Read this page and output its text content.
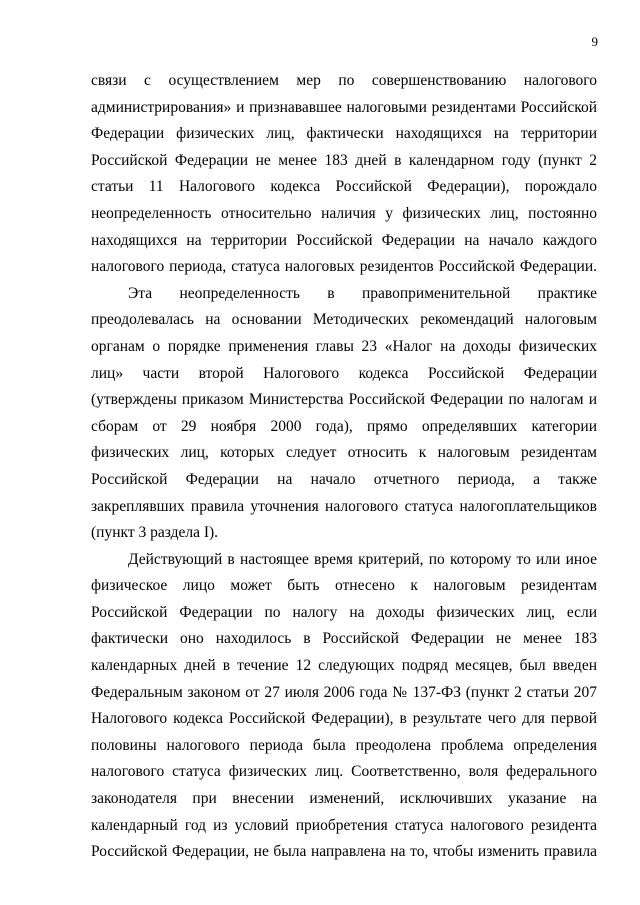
9
связи с осуществлением мер по совершенствованию налогового
администрирования» и признававшее налоговыми резидентами Российской
Федерации физических лиц, фактически находящихся на территории
Российской Федерации не менее 183 дней в календарном году (пункт 2
статьи 11 Налогового кодекса Российской Федерации), порождало
неопределенность относительно наличия у физических лиц, постоянно
находящихся на территории Российской Федерации на начало каждого
налогового периода, статуса налоговых резидентов Российской Федерации.
Эта неопределенность в правоприменительной практике
преодолевалась на основании Методических рекомендаций налоговым
органам о порядке применения главы 23 «Налог на доходы физических
лиц» части второй Налогового кодекса Российской Федерации
(утверждены приказом Министерства Российской Федерации по налогам и
сборам от 29 ноября 2000 года), прямо определявших категории
физических лиц, которых следует относить к налоговым резидентам
Российской Федерации на начало отчетного периода, а также
закреплявших правила уточнения налогового статуса налогоплательщиков
(пункт 3 раздела I).
Действующий в настоящее время критерий, по которому то или иное
физическое лицо может быть отнесено к налоговым резидентам
Российской Федерации по налогу на доходы физических лиц, если
фактически оно находилось в Российской Федерации не менее 183
календарных дней в течение 12 следующих подряд месяцев, был введен
Федеральным законом от 27 июля 2006 года № 137-ФЗ (пункт 2 статьи 207
Налогового кодекса Российской Федерации), в результате чего для первой
половины налогового периода была преодолена проблема определения
налогового статуса физических лиц. Соответственно, воля федерального
законодателя при внесении изменений, исключивших указание на
календарный год из условий приобретения статуса налогового резидента
Российской Федерации, не была направлена на то, чтобы изменить правила
